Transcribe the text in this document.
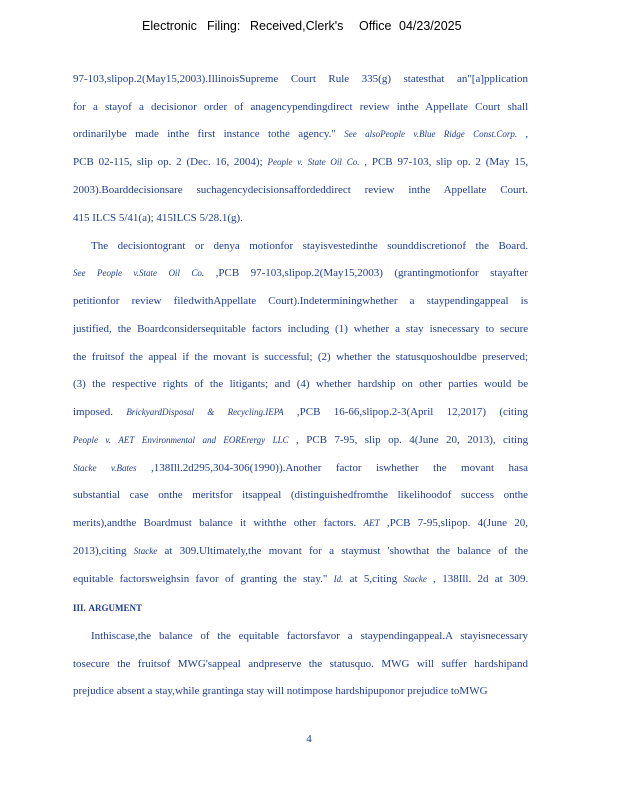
Electronic Filing: Received,Clerk's Office 04/23/2025
97-103,slipop.2(May15,2003).IllinoisSupreme Court Rule 335(g) statesthat an"[a]pplication
for a stayof a decisionor order of anagencypendingdirect review inthe Appellate Court shall
ordinarilybe made inthe first instance tothe agency." See alsoPeople v.Blue Ridge Const.Corp. ,
PCB 02-115, slip op. 2 (Dec. 16, 2004); People v. State Oil Co. , PCB 97-103, slip op. 2 (May 15,
2003).Boarddecisionsare suchagencydecisionsaffordeddirect review inthe Appellate Court.
415 ILCS 5/41(a); 415ILCS 5/28.1(g).
The decisiontogrant or denya motionfor stayisvestedinthe sounddiscretionof the Board.
See People v.State Oil Co. ,PCB 97-103,slipop.2(May15,2003) (grantingmotionfor stayafter
petitionfor review filedwithAppellate Court).Indeterminingwhether a staypendingappeal is
justified, the Boardconsidersequitable factors including (1) whether a stay isnecessary to secure
the fruitsof the appeal if the movant is successful; (2) whether the statusquoshouldbe preserved;
(3) the respective rights of the litigants; and (4) whether hardship on other parties would be
imposed. BrickyardDisposal & Recycling.IEPA ,PCB 16-66,slipop.2-3(April 12,2017) (citing
People v. AET Environmental and EORErergy LLC , PCB 7-95, slip op. 4(June 20, 2013), citing
Stacke v.Bates ,138Ill.2d295,304-306(1990)).Another factor iswhether the movant hasa
substantial case onthe meritsfor itsappeal (distinguishedfromthe likelihoodof success onthe
merits),andthe Boardmust balance it withthe other factors. AET ,PCB 7-95,slipop. 4(June 20,
2013),citing Stacke at 309.Ultimately,the movant for a staymust 'showthat the balance of the
equitable factorsweighsin favor of granting the stay." Id. at 5,citing Stacke , 138Ill. 2d at 309.
III. ARGUMENT
Inthiscase,the balance of the equitable factorsfavor a staypendingappeal.A stayisnecessary
tosecure the fruitsof MWG'sappeal andpreserve the statusquo. MWG will suffer hardshipand
prejudice absent a stay,while grantinga stay will notimpose hardshipuponor prejudice toMWG
4
